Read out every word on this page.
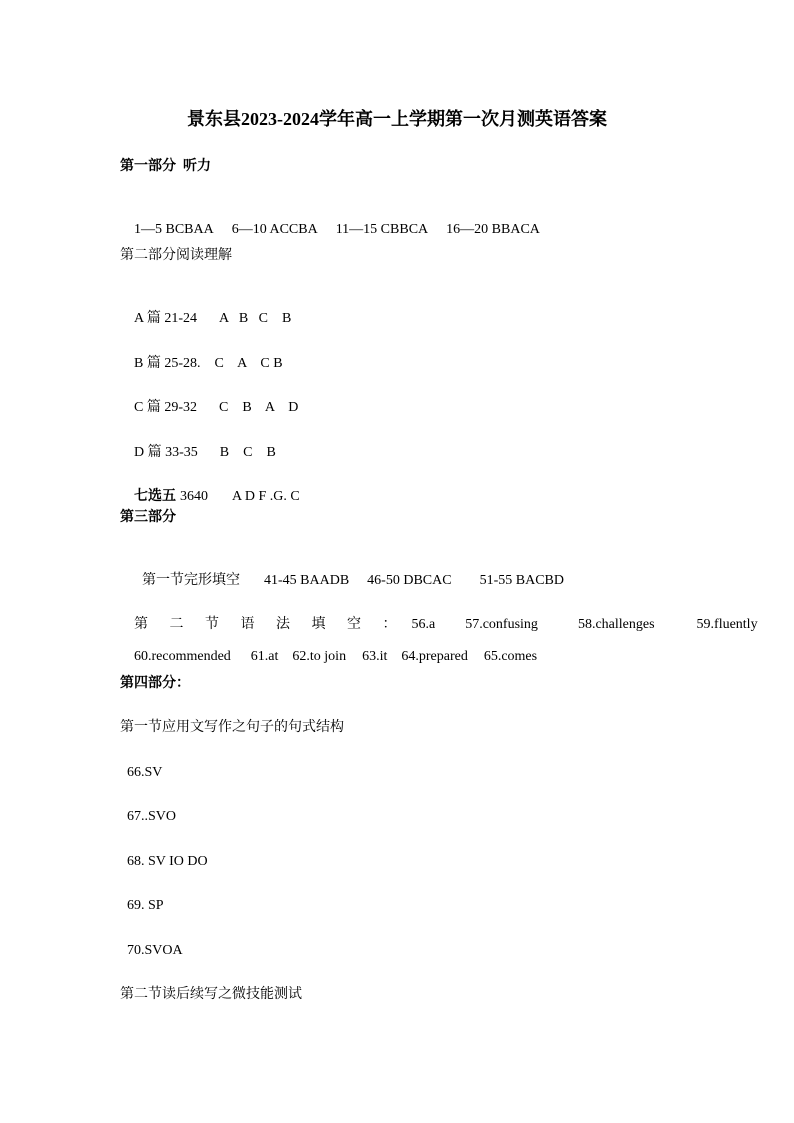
景东县2023-2024学年高一上学期第一次月测英语答案
第一部分  听力

1—5 BCBAA 6—10 ACCBA 11—15 CBBCA 16—20 BBACA

第二部分阅读理解

A 篇 21-24 A   B   C    B

B 篇 25-28. C    A    C B

C 篇 29-32 C    B    A    D

D 篇 33-35 B    C    B

七选五 3640 A D F .G. C

第三部分

第一节完形填空 41-45 BAADB 46-50 DBCAC 51-55 BACBD

第 二 节 语 法 填 空 ： 56.a 57.confusing	58.challenges	59.fluently

60.recommended 61.at 62.to join 63.it 64.prepared 65.comes

第四部分：
第一节应用文写作之句子的句式结构
66.SV
67..SVO
68. SV IO DO
69. SP
70.SVOA
第二节读后续写之微技能测试
